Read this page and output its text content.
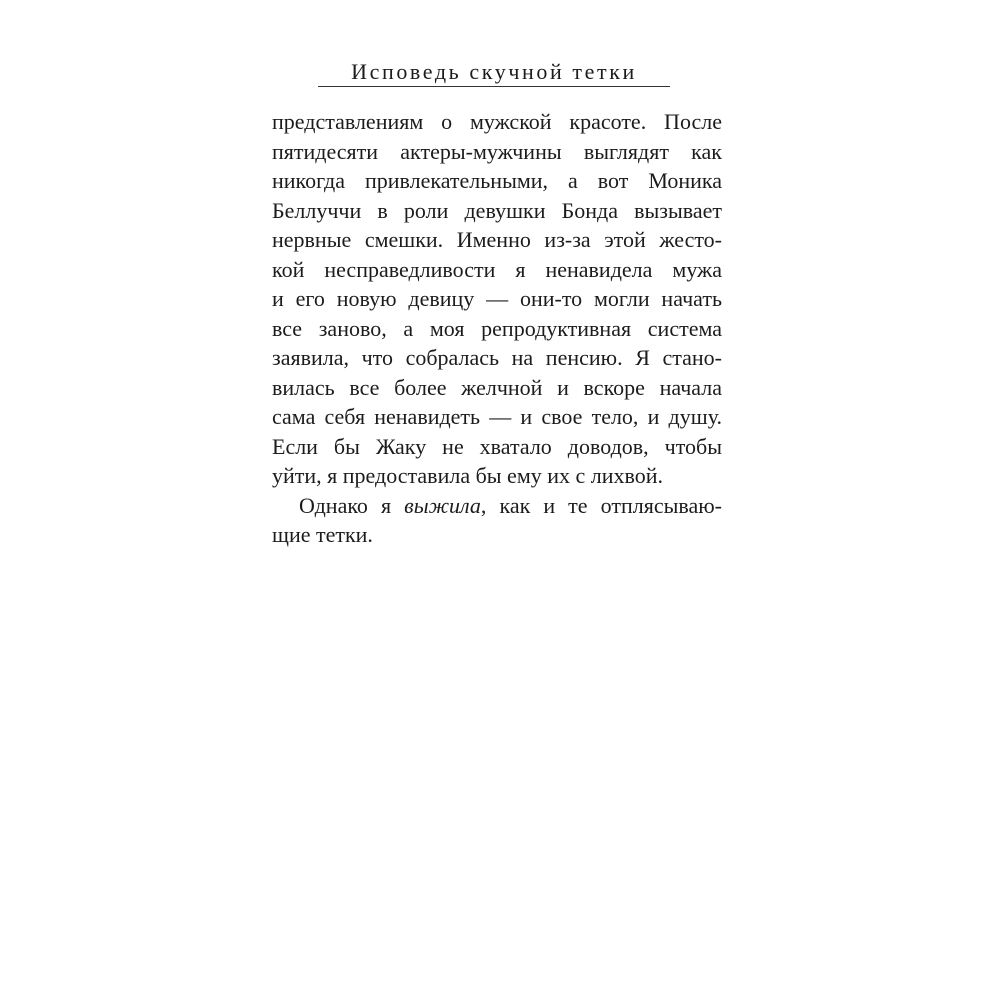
Исповедь скучной тетки
представлениям о мужской красоте. После
пятидесяти актеры-мужчины выглядят как
никогда привлекательными, а вот Моника
Беллуччи в роли девушки Бонда вызывает
нервные смешки. Именно из-за этой жесто-
кой несправедливости я ненавидела мужа
и его новую девицу — они-то могли начать
все заново, а моя репродуктивная система
заявила, что собралась на пенсию. Я стано-
вилась все более желчной и вскоре начала
сама себя ненавидеть — и свое тело, и душу.
Если бы Жаку не хватало доводов, чтобы
уйти, я предоставила бы ему их с лихвой.
Однако я выжила, как и те отплясываю-
щие тетки.
